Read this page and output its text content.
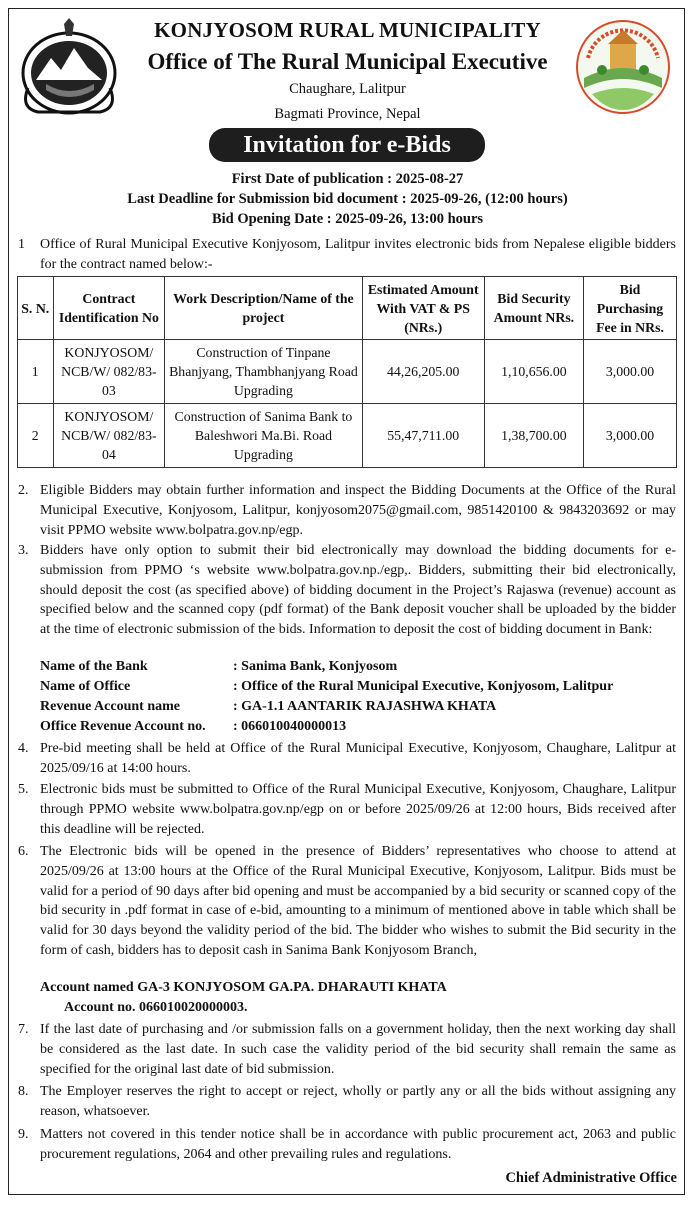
KONJYOSOM RURAL MUNICIPALITY
Office of The Rural Municipal Executive
Chaughare, Lalitpur
Bagmati Province, Nepal
Invitation for e-Bids
First Date of publication : 2025-08-27
Last Deadline for Submission bid document : 2025-09-26, (12:00 hours)
Bid Opening Date : 2025-09-26, 13:00 hours
1 Office of Rural Municipal Executive Konjyosom, Lalitpur invites electronic bids from Nepalese eligible bidders for the contract named below:-
S. N.	Contract Identification No	Work Description/Name of the project	Estimated Amount With VAT & PS (NRs.)	Bid Security Amount NRs.	Bid Purchasing Fee in NRs.
1	KONJYOSOM/ NCB/W/ 082/83-03	Construction of Tinpane Bhanjyang, Thambhanjyang Road Upgrading	44,26,205.00	1,10,656.00	3,000.00
2	KONJYOSOM/ NCB/W/ 082/83-04	Construction of Sanima Bank to Baleshwori Ma.Bi. Road Upgrading	55,47,711.00	1,38,700.00	3,000.00
2. Eligible Bidders may obtain further information and inspect the Bidding Documents at the Office of the Rural Municipal Executive, Konjyosom, Lalitpur, konjyosom2075@gmail.com, 9851420100 & 9843203692 or may visit PPMO website www.bolpatra.gov.np/egp.
3. Bidders have only option to submit their bid electronically may download the bidding documents for e-submission from PPMO ‘s website www.bolpatra.gov.np./egp,. Bidders, submitting their bid electronically, should deposit the cost (as specified above) of bidding document in the Project’s Rajaswa (revenue) account as specified below and the scanned copy (pdf format) of the Bank deposit voucher shall be uploaded by the bidder at the time of electronic submission of the bids. Information to deposit the cost of bidding document in Bank:
Name of the Bank	: Sanima Bank, Konjyosom
Name of Office	: Office of the Rural Municipal Executive, Konjyosom, Lalitpur
Revenue Account name	: GA-1.1 AANTARIK RAJASHWA KHATA
Office Revenue Account no. : 066010040000013
4. Pre-bid meeting shall be held at Office of the Rural Municipal Executive, Konjyosom, Chaughare, Lalitpur at 2025/09/16 at 14:00 hours.
5. Electronic bids must be submitted to Office of the Rural Municipal Executive, Konjyosom, Chaughare, Lalitpur through PPMO website www.bolpatra.gov.np/egp on or before 2025/09/26 at 12:00 hours, Bids received after this deadline will be rejected.
6. The Electronic bids will be opened in the presence of Bidders’ representatives who choose to attend at 2025/09/26 at 13:00 hours at the Office of the Rural Municipal Executive, Konjyosom, Lalitpur. Bids must be valid for a period of 90 days after bid opening and must be accompanied by a bid security or scanned copy of the bid security in .pdf format in case of e-bid, amounting to a minimum of mentioned above in table which shall be valid for 30 days beyond the validity period of the bid. The bidder who wishes to submit the Bid security in the form of cash, bidders has to deposit cash in Sanima Bank Konjyosom Branch,
Account named GA-3 KONJYOSOM GA.PA. DHARAUTI KHATA
Account no. 066010020000003.
7. If the last date of purchasing and /or submission falls on a government holiday, then the next working day shall be considered as the last date. In such case the validity period of the bid security shall remain the same as specified for the original last date of bid submission.
8. The Employer reserves the right to accept or reject, wholly or partly any or all the bids without assigning any reason, whatsoever.
9. Matters not covered in this tender notice shall be in accordance with public procurement act, 2063 and public procurement regulations, 2064 and other prevailing rules and regulations.
Chief Administrative Office
